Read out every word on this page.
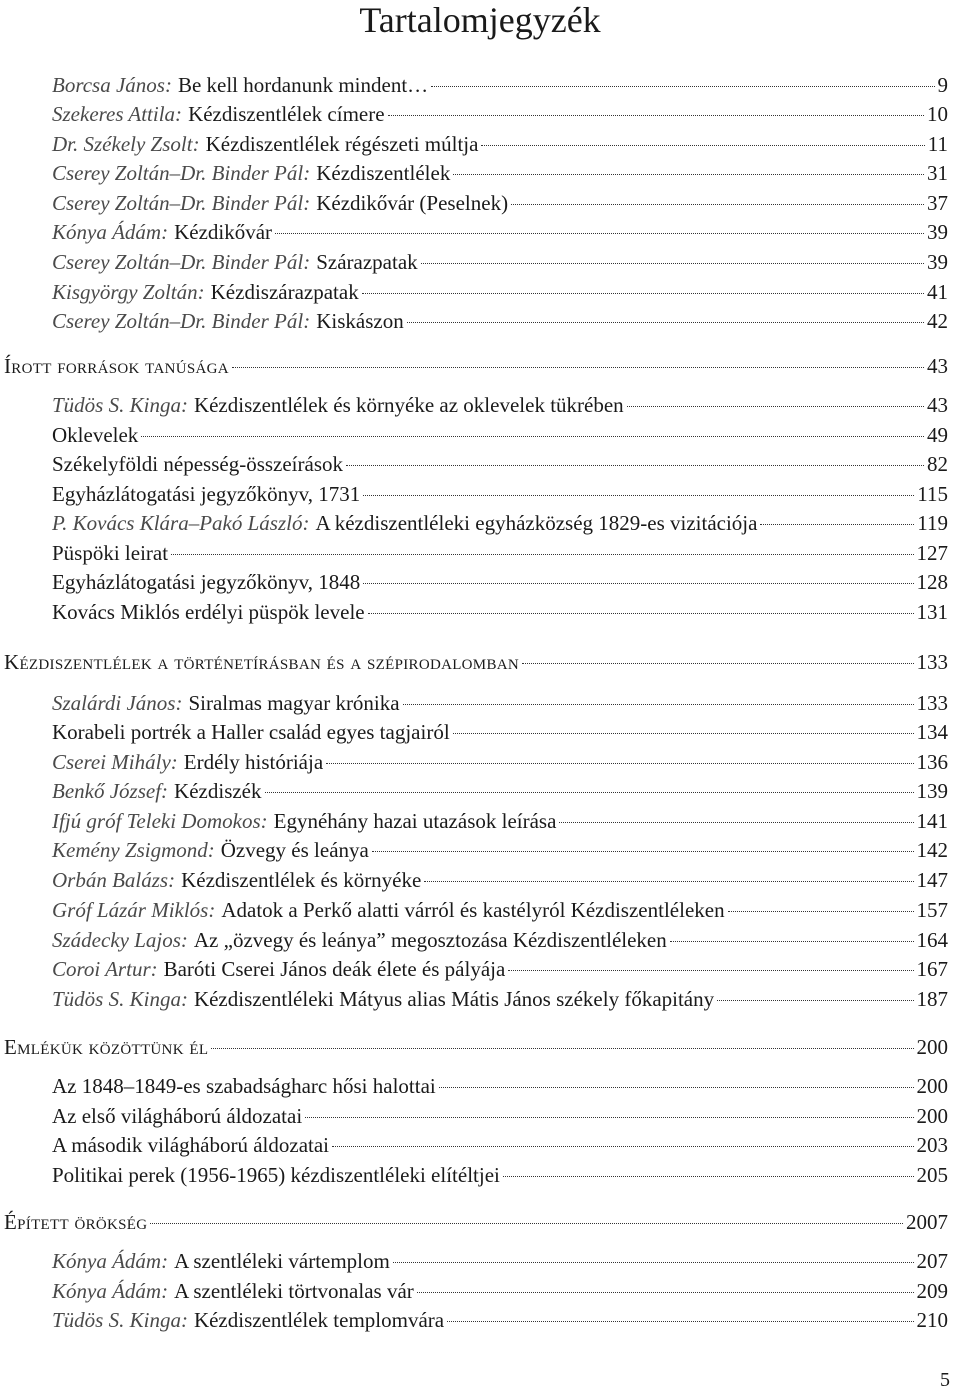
Tartalomjegyzék
Borcsa János: Be kell hordanunk mindent…	9
Szekeres Attila: Kézdiszentlélek címere	10
Dr. Székely Zsolt: Kézdiszentlélek régészeti múltja	11
Cserey Zoltán–Dr. Binder Pál: Kézdiszentlélek	31
Cserey Zoltán–Dr. Binder Pál: Kézdikővár (Peselnek)	37
Kónya Ádám: Kézdikővár	39
Cserey Zoltán–Dr. Binder Pál: Szárazpatak	39
Kisgyörgy Zoltán: Kézdiszárazpatak	41
Cserey Zoltán–Dr. Binder Pál: Kiskászon	42
Írott források tanúsága	43
Tüdös S. Kinga: Kézdiszentlélek és környéke az oklevelek tükrében	43
Oklevelek	49
Székelyföldi népesség-összeírások	82
Egyházlátogatási jegyzőkönyv, 1731	115
P. Kovács Klára–Pakó László: A kézdiszentléleki egyházközség 1829-es vizitációja	119
Püspöki leirat	127
Egyházlátogatási jegyzőkönyv, 1848	128
Kovács Miklós erdélyi püspök levele	131
Kézdiszentlélek a történetírásban és a szépirodalomban	133
Szalárdi János: Siralmas magyar krónika	133
Korabeli portrék a Haller család egyes tagjairól	134
Cserei Mihály: Erdély históriája	136
Benkő József: Kézdiszék	139
Ifjú gróf Teleki Domokos: Egynéhány hazai utazások leírása	141
Kemény Zsigmond: Özvegy és leánya	142
Orbán Balázs: Kézdiszentlélek és környéke	147
Gróf Lázár Miklós: Adatok a Perkő alatti várról és kastélyról Kézdiszentléleken	157
Szádecky Lajos: Az „özvegy és leánya” megosztozása Kézdiszentléleken	164
Coroi Artur: Baróti Cserei János deák élete és pályája	167
Tüdös S. Kinga: Kézdiszentléleki Mátyus alias Mátis János székely főkapitány	187
Emlékük közöttünk él	200
Az 1848–1849-es szabadságharc hősi halottai	200
Az első világháború áldozatai	200
A második világháború áldozatai	203
Politikai perek (1956-1965) kézdiszentléleki elítéltjei	205
Épített örökség	2007
Kónya Ádám: A szentléleki vártemplom	207
Kónya Ádám: A szentléleki törtvonalas vár	209
Tüdös S. Kinga: Kézdiszentlélek templomvára	210
5
